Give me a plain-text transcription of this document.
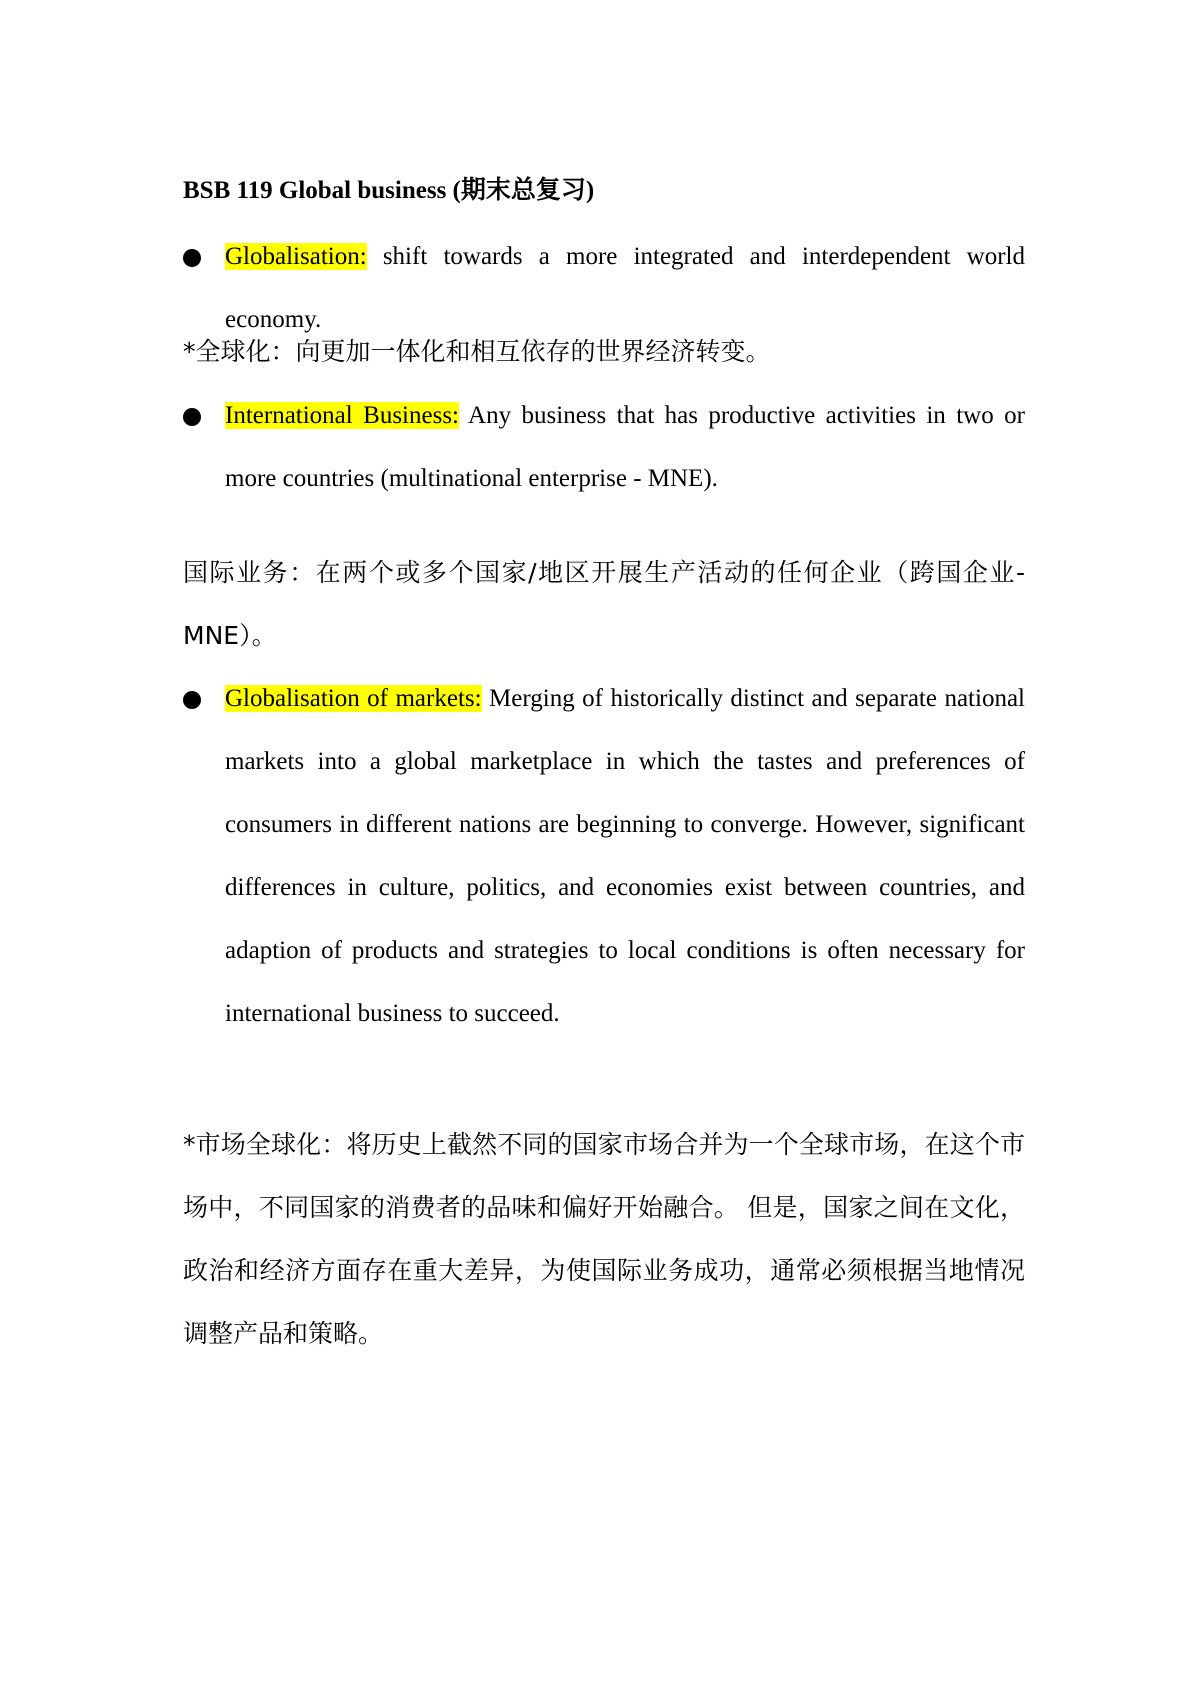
BSB 119 Global business (期末总复习)
Globalisation: shift towards a more integrated and interdependent world economy.
*全球化：向更加一体化和相互依存的世界经济转变。
International Business: Any business that has productive activities in two or more countries (multinational enterprise - MNE).
国际业务：在两个或多个国家/地区开展生产活动的任何企业（跨国企业-MNE）。
Globalisation of markets: Merging of historically distinct and separate national markets into a global marketplace in which the tastes and preferences of consumers in different nations are beginning to converge. However, significant differences in culture, politics, and economies exist between countries, and adaption of products and strategies to local conditions is often necessary for international business to succeed.
*市场全球化：将历史上截然不同的国家市场合并为一个全球市场，在这个市场中，不同国家的消费者的品味和偏好开始融合。 但是，国家之间在文化，政治和经济方面存在重大差异，为使国际业务成功，通常必须根据当地情况调整产品和策略。
